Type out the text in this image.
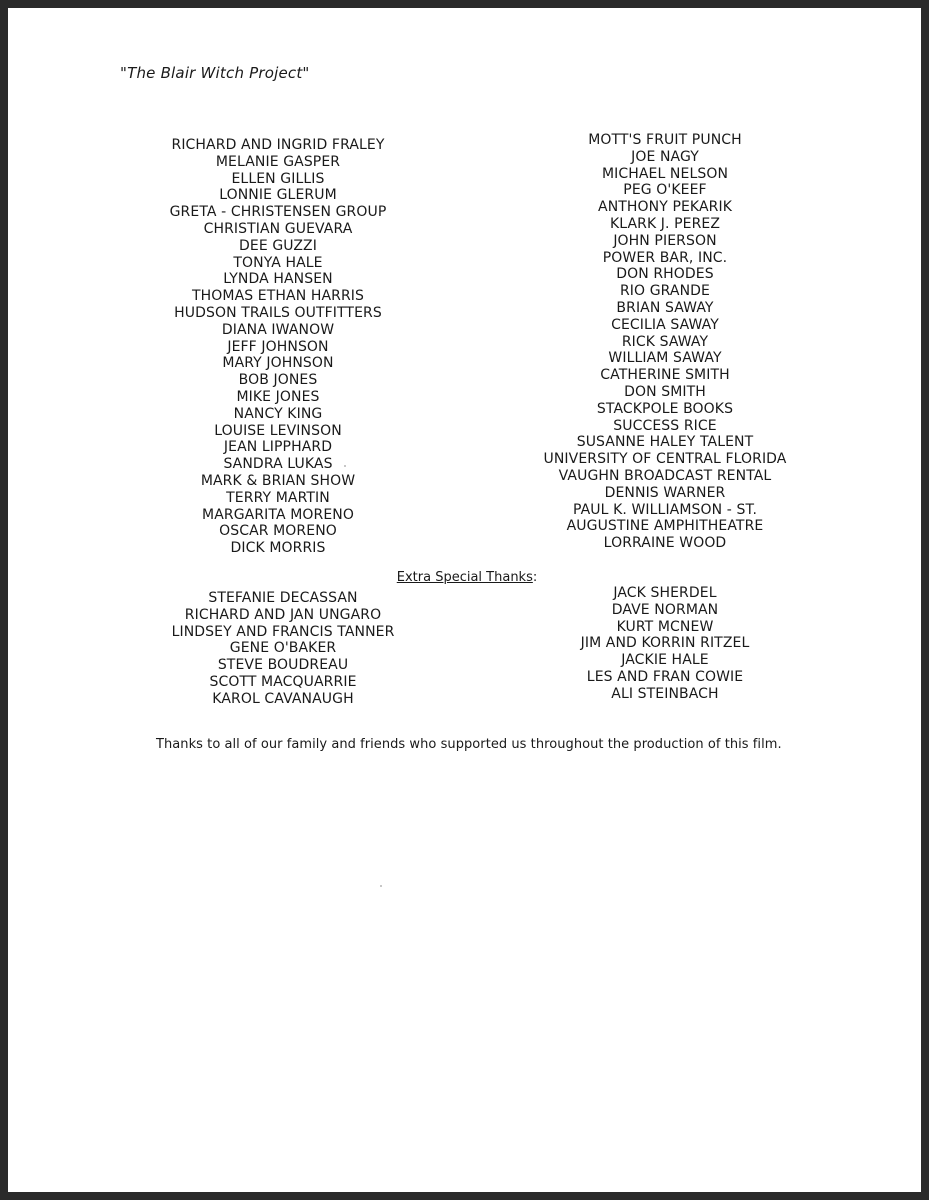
"The Blair Witch Project"
RICHARD AND INGRID FRALEY
MELANIE GASPER
ELLEN GILLIS
LONNIE GLERUM
GRETA - CHRISTENSEN GROUP
CHRISTIAN GUEVARA
DEE GUZZI
TONYA HALE
LYNDA HANSEN
THOMAS ETHAN HARRIS
HUDSON TRAILS OUTFITTERS
DIANA IWANOW
JEFF JOHNSON
MARY JOHNSON
BOB JONES
MIKE JONES
NANCY KING
LOUISE LEVINSON
JEAN LIPPHARD
SANDRA LUKAS
MARK & BRIAN SHOW
TERRY MARTIN
MARGARITA MORENO
OSCAR MORENO
DICK MORRIS
MOTT'S FRUIT PUNCH
JOE NAGY
MICHAEL NELSON
PEG O'KEEF
ANTHONY PEKARIK
KLARK J. PEREZ
JOHN PIERSON
POWER BAR, INC.
DON RHODES
RIO GRANDE
BRIAN SAWAY
CECILIA SAWAY
RICK SAWAY
WILLIAM SAWAY
CATHERINE SMITH
DON SMITH
STACKPOLE BOOKS
SUCCESS RICE
SUSANNE HALEY TALENT
UNIVERSITY OF CENTRAL FLORIDA
VAUGHN BROADCAST RENTAL
DENNIS WARNER
PAUL K. WILLIAMSON - ST.
AUGUSTINE AMPHITHEATRE
LORRAINE WOOD
Extra Special Thanks:
STEFANIE DECASSAN
RICHARD AND JAN UNGARO
LINDSEY AND FRANCIS TANNER
GENE O'BAKER
STEVE BOUDREAU
SCOTT MACQUARRIE
KAROL CAVANAUGH
JACK SHERDEL
DAVE NORMAN
KURT MCNEW
JIM AND KORRIN RITZEL
JACKIE HALE
LES AND FRAN COWIE
ALI STEINBACH
Thanks to all of our family and friends who supported us throughout the production of this film.
